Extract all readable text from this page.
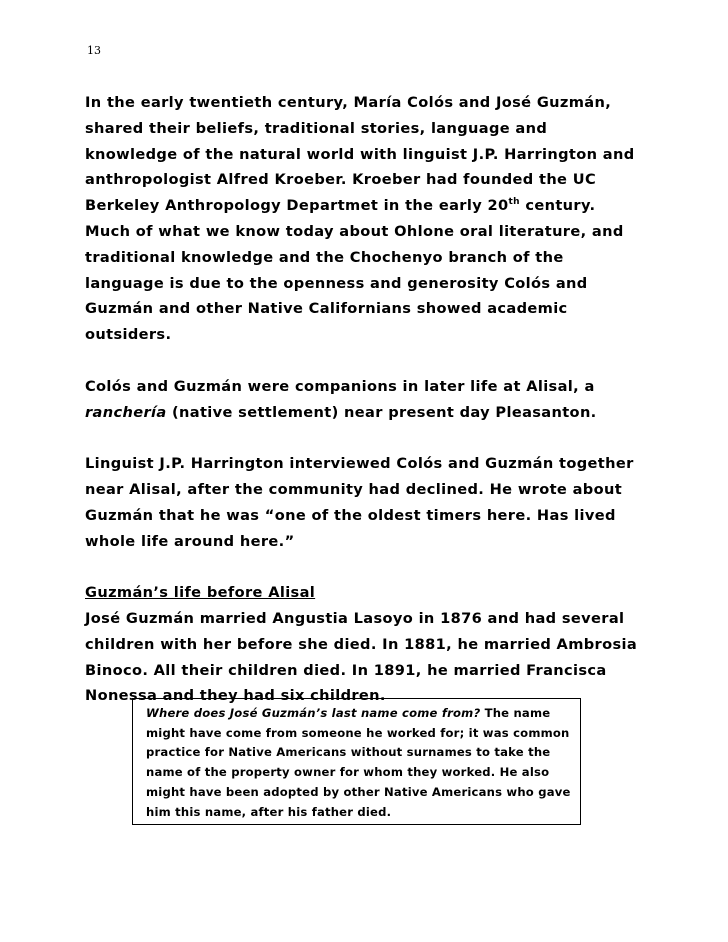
13

In the early twentieth century, María Colós and José Guzmán, shared their beliefs, traditional stories, language and knowledge of the natural world with linguist J.P. Harrington and anthropologist Alfred Kroeber. Kroeber had founded the UC Berkeley Anthropology Departmet in the early 20th century. Much of what we know today about Ohlone oral literature, and traditional knowledge and the Chochenyo branch of the language is due to the openness and generosity Colós and Guzmán and other Native Californians showed academic outsiders.

Colós and Guzmán were companions in later life at Alisal, a ranchería (native settlement) near present day Pleasanton.

Linguist J.P. Harrington interviewed Colós and Guzmán together near Alisal, after the community had declined. He wrote about Guzmán that he was “one of the oldest timers here. Has lived whole life around here.”

Guzmán’s life before Alisal

José Guzmán married Angustia Lasoyo in 1876 and had several children with her before she died. In 1881, he married Ambrosia Binoco. All their children died. In 1891, he married Francisca Nonessa and they had six children.

Where does José Guzmán’s last name come from? The name might have come from someone he worked for; it was common practice for Native Americans without surnames to take the name of the property owner for whom they worked. He also might have been adopted by other Native Americans who gave him this name, after his father died.
